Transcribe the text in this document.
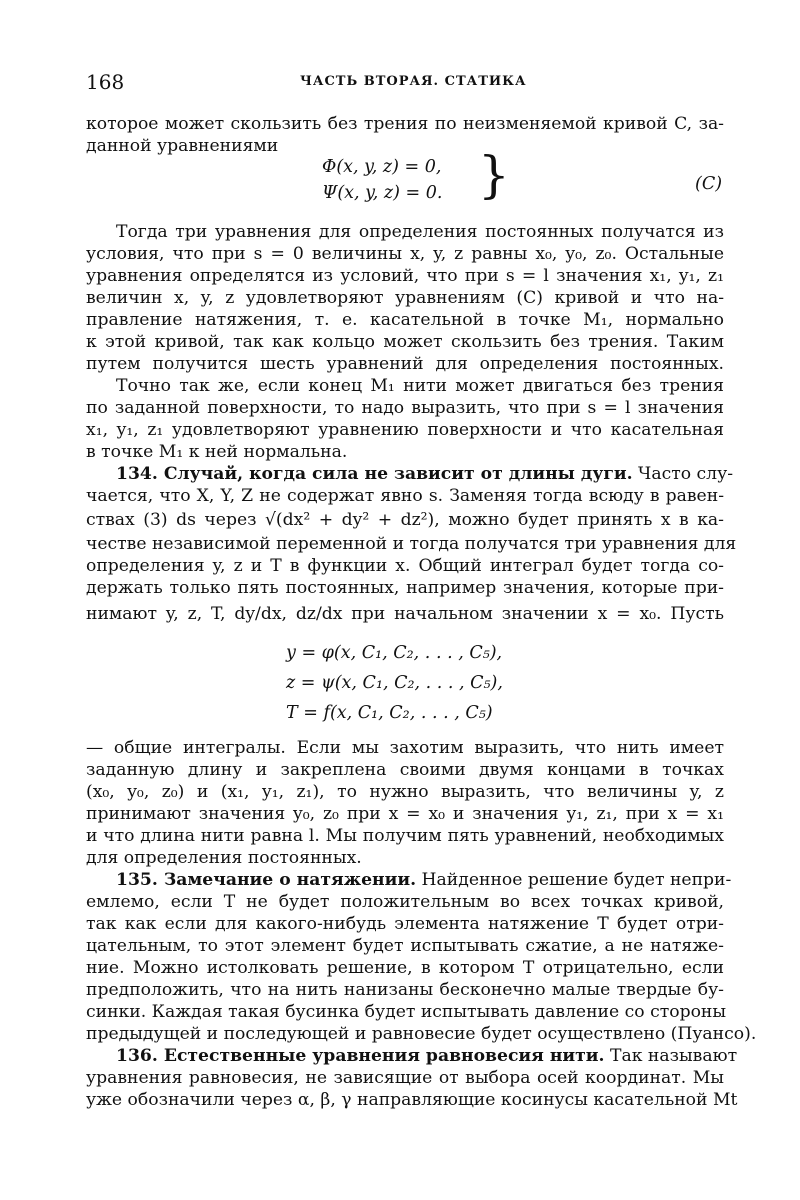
168	ЧАСТЬ ВТОРАЯ. СТАТИКА
которое может скользить без трения по неизменяемой кривой C, за-
данной уравнениями
Φ(x, y, z) = 0,
Ψ(x, y, z) = 0. }	(C)
Тогда три уравнения для определения постоянных получатся из
условия, что при s = 0 величины x, y, z равны x₀, y₀, z₀. Остальные
уравнения определятся из условий, что при s = l значения x₁, y₁, z₁
величин x, y, z удовлетворяют уравнениям (C) кривой и что на-
правление натяжения, т. е. касательной в точке M₁, нормально
к этой кривой, так как кольцо может скользить без трения. Таким
путем получится шесть уравнений для определения постоянных.
Точно так же, если конец M₁ нити может двигаться без трения
по заданной поверхности, то надо выразить, что при s = l значения
x₁, y₁, z₁ удовлетворяют уравнению поверхности и что касательная
в точке M₁ к ней нормальна.
134. Случай, когда сила не зависит от длины дуги. Часто слу-
чается, что X, Y, Z не содержат явно s. Заменяя тогда всюду в равен-
ствах (3) ds через √(dx² + dy² + dz²), можно будет принять x в ка-
честве независимой переменной и тогда получатся три уравнения для
определения y, z и T в функции x. Общий интеграл будет тогда со-
держать только пять постоянных, например значения, которые при-
нимают y, z, T, dy/dx, dz/dx при начальном значении x = x₀. Пусть
y = φ(x, C₁, C₂, . . . , C₅),
z = ψ(x, C₁, C₂, . . . , C₅),
T = f(x, C₁, C₂, . . . , C₅)
— общие интегралы. Если мы захотим выразить, что нить имеет
заданную длину и закреплена своими двумя концами в точках
(x₀, y₀, z₀) и (x₁, y₁, z₁), то нужно выразить, что величины y, z
принимают значения y₀, z₀ при x = x₀ и значения y₁, z₁, при x = x₁
и что длина нити равна l. Мы получим пять уравнений, необходимых
для определения постоянных.
135. Замечание о натяжении. Найденное решение будет непри-
емлемо, если T не будет положительным во всех точках кривой,
так как если для какого-нибудь элемента натяжение T будет отри-
цательным, то этот элемент будет испытывать сжатие, а не натяже-
ние. Можно истолковать решение, в котором T отрицательно, если
предположить, что на нить нанизаны бесконечно малые твердые бу-
синки. Каждая такая бусинка будет испытывать давление со стороны
предыдущей и последующей и равновесие будет осуществлено (Пуансо).
136. Естественные уравнения равновесия нити. Так называют
уравнения равновесия, не зависящие от выбора осей координат. Мы
уже обозначили через α, β, γ направляющие косинусы касательной Mt
